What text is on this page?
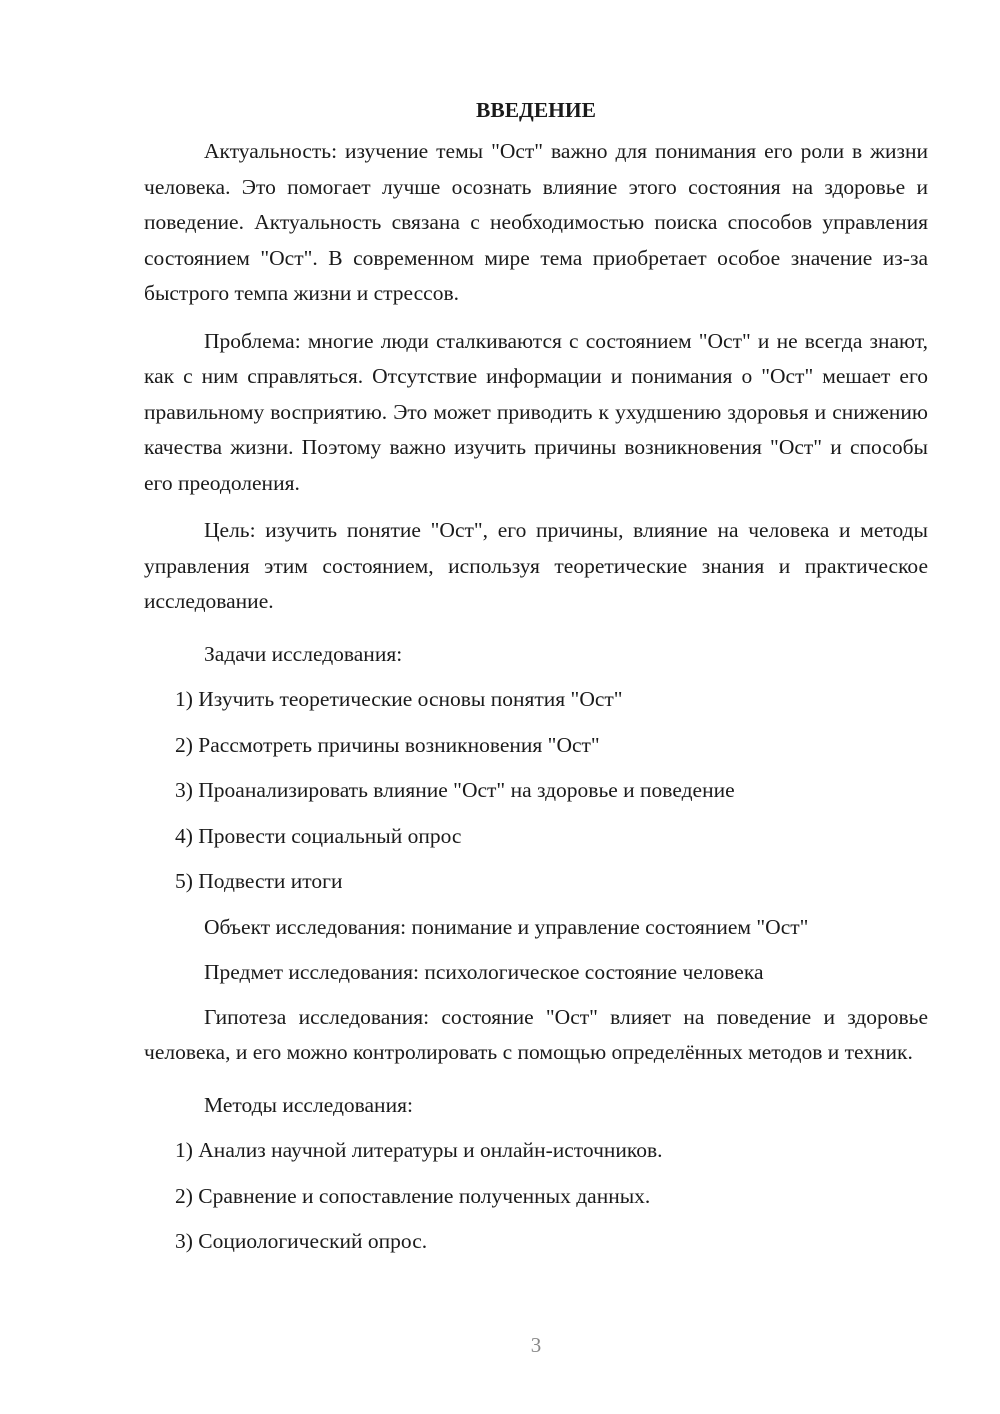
ВВЕДЕНИЕ

Актуальность: изучение темы "Ост" важно для понимания его роли в жизни человека. Это помогает лучше осознать влияние этого состояния на здоровье и поведение. Актуальность связана с необходимостью поиска способов управления состоянием "Ост". В современном мире тема приобретает особое значение из-за быстрого темпа жизни и стрессов.

Проблема: многие люди сталкиваются с состоянием "Ост" и не всегда знают, как с ним справляться. Отсутствие информации и понимания о "Ост" мешает его правильному восприятию. Это может приводить к ухудшению здоровья и снижению качества жизни. Поэтому важно изучить причины возникновения "Ост" и способы его преодоления.

Цель: изучить понятие "Ост", его причины, влияние на человека и методы управления этим состоянием, используя теоретические знания и практическое исследование.

Задачи исследования:
1) Изучить теоретические основы понятия "Ост"
2) Рассмотреть причины возникновения "Ост"
3) Проанализировать влияние "Ост" на здоровье и поведение
4) Провести социальный опрос
5) Подвести итоги
Объект исследования: понимание и управление состоянием "Ост"
Предмет исследования: психологическое состояние человека

Гипотеза исследования: состояние "Ост" влияет на поведение и здоровье человека, и его можно контролировать с помощью определённых методов и техник.

Методы исследования:
1) Анализ научной литературы и онлайн-источников.
2) Сравнение и сопоставление полученных данных.
3) Социологический опрос.
3
